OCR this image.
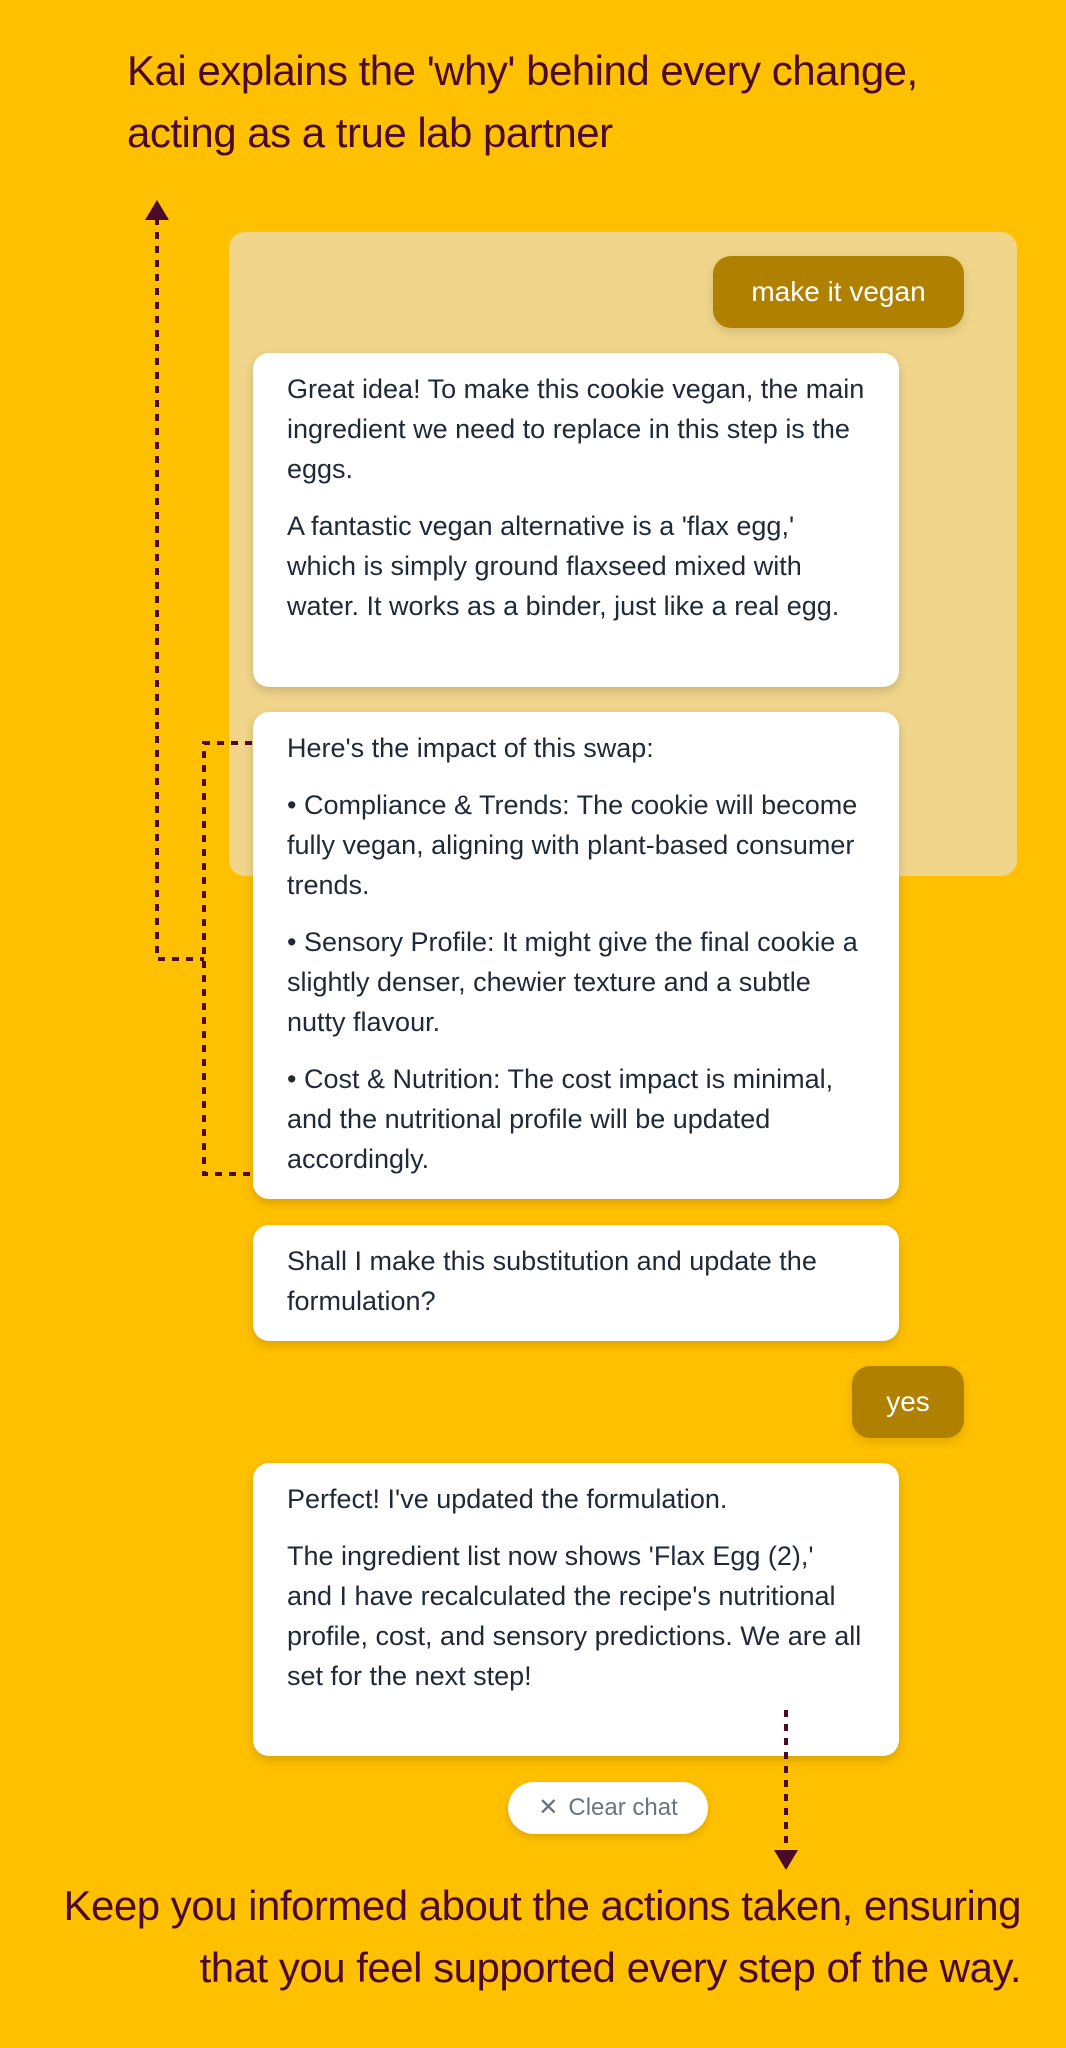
Kai explains the 'why' behind every change, acting as a true lab partner
make it vegan

Great idea! To make this cookie vegan, the main ingredient we need to replace in this step is the eggs.

A fantastic vegan alternative is a 'flax egg,' which is simply ground flaxseed mixed with water. It works as a binder, just like a real egg.

Here's the impact of this swap:

• Compliance & Trends: The cookie will become fully vegan, aligning with plant-based consumer trends.

• Sensory Profile: It might give the final cookie a slightly denser, chewier texture and a subtle nutty flavour.

• Cost & Nutrition: The cost impact is minimal, and the nutritional profile will be updated accordingly.

Shall I make this substitution and update the formulation?

yes

Perfect! I've updated the formulation.

The ingredient list now shows 'Flax Egg (2),' and I have recalculated the recipe's nutritional profile, cost, and sensory predictions. We are all set for the next step!

✕ Clear chat
Keep you informed about the actions taken, ensuring that you feel supported every step of the way.
